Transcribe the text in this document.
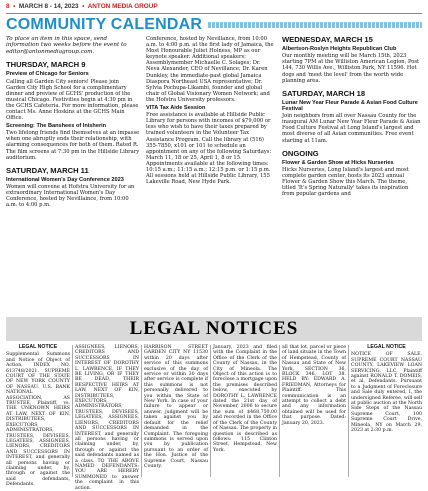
8  •  MARCH 8 - 14, 2023  •  ANTON MEDIA GROUP
COMMUNITY CALENDAR

To place an item in this space, send information two weeks before the event to editor@antonmediagroup.com.

THURSDAY, MARCH 9
Preview of Chicago for Seniors

Calling all Garden City seniors! Please join Garden City High School for a complimentary dinner and preview of GCHS' production of the musical Chicago. Festivities begin at 4:30 pm in the GCHS Cafeteria. For more information, please contact Ms. Anne Hoskins at the GCHS Main Office.

Screening: The Banshees of Inisherin

Two lifelong friends find themselves at an impasse when one abruptly ends their relationship, with alarming consequences for both of them. Rated R. The film screens at 7:30 pm in the Hillside Library auditorium.

SATURDAY, MARCH 11
International Women's Day Conference 2023

Women will convene at Hofstra University for an extraordinary International Women's Day Conference, hosted by Nevillaince, from 10:00 a.m. to 4:00 p.m.

Conference, hosted by Nevillance, from 10:00 a.m. to 4:00 p.m. at the first lady of Jamaica, the Most Honourable Juliet Holness, MP as our keynote speaker. Additional speakers: Assemblymember Michaelle C. Solages; Dr. Neva Alexander, CEO of Nevillance; Dr. Karen Dunkley, the immediate-past global Jamaica Diaspora Northeast USA representative; Dr. Sylvia Pochupa-Likambi, founder and global chair of Global Visionary Women Network; and the Hofstra University professors.

VITA Tax Aide Session

Free assistance is available at Hillside Public Library for persons with incomes of $79,000 or less who wish to have their taxes prepared by trained volunteers in the Volunteer Tax Assistance Program. Call the library at (516) 355-7850, x101 or 101 to schedule an appointment on any of the following Saturdays: March 11, 18 or 25, April 1, 8 or 15. Appointments available at the following times: 10:15 a.m.; 11:15 a.m.; 12:15 p.m. or 1:15 p.m. All sessions held at Hillside Public Library, 155 Lakeville Road, New Hyde Park.

WEDNESDAY, MARCH 15
Albertson-Roslyn Heights Republican Club

Our monthly meeting will be March 15th, 2023 starting 7PM at the Williston American Legion, Post 144, 730 Willis Ave., Williston Park, NY 11596. Hot dogs and 'meet the level' from the worth wide planning area.

SATURDAY, MARCH 18
Lunar New Year Fleur Parade & Asian Food Culture Festival

Join neighbors from all over Nassau County for the inaugural AM Lunar New Year Fleur Parade & Asian Food Culture Festival at Long Island's largest and most diverse of all Asian communities. Free event starting at 11am.

ONGOING
Flower & Garden Show at Hicks Nurseries

Hicks Nurseries, Long Island's largest and most complete garden center, hosts its 2023 annual Flower & Garden Show this March. The theme, titled 'It's Spring Naturally' takes its inspiration from popular gardens and

LEGAL NOTICES
LEGAL NOTICE
Supplemental Summons and Notice of Object of Action. INDEX NO. 613748/2021. SUPREME COURT OF THE STATE OF NEW YORK COUNTY OF NASSAU. U.S. BANK NATIONAL ASSOCIATION, AS TRUSTEE, Plaintiff, vs. THE UNKNOWN HEIRS AT LAW, NEXT OF KIN, DISTRIBUTEES, EXECUTORS, ADMINISTRATORS, TRUSTEES, DEVISEES, LEGATEES, ASSIGNEES, LIENORS, CREDITORS AND SUCCESSORS IN INTEREST, and generally all persons having or claiming under, by, through or against the said defendants, Defendants.
ASSIGNEES, LIENORS, CREDITORS AND SUCCESSORS IN INTEREST OF DOROTHY L. LAWRENCE, IF THEY BE LIVING, OR IF THEY BE DEAD, THEIR RESPECTIVE HEIRS AT LAW, NEXT OF KIN, DISTRIBUTEES, EXECUTORS, ADMINISTRATORS, TRUSTEES, DEVISEES, LEGATEES, ASSIGNEES, LIENORS, CREDITORS AND SUCCESSORS IN INTEREST, and generally all persons having or claiming under, by, through or against the said defendants named as a class. TO THE ABOVE NAMED DEFENDANTS: YOU ARE HEREBY SUMMONED to answer the complaint in this action.
HARRISON STREET GARDEN CITY NY 11530 within 20 days after service of this summons exclusive of the day of service or within 30 days after service is complete if this summons is not personally delivered to you within the State of New York. In case of your failure to appear or answer, judgment will be taken against you by default for the relief demanded in the Complaint. The foregoing summons is served upon you by publication pursuant to an order of the Hon. Justice of the Supreme Court, Nassau County.
January, 2023 and filed with the Complaint in the Office of the Clerk of the County of Nassau, in the City of Mineola. The Object of this action is to foreclose a mortgage upon the premises described below, executed by DOROTHY L. LAWRENCE dated the 21st day of November, 2006 to secure the sum of $468,750.00 and recorded in the Office of the Clerk of the County of Nassau. The property in question is described as follows: 115 Clinton Street, Hempstead, New York.
all that lot, parcel or piece of land situate in the Town of Hempstead, County of Nassau and State of New York, SECTION 36, BLOCK 346, LOT 38. HELD BY: EDWARD A. FRIEDMAN, Attorneys for Plaintiff. This communication is an attempt to collect a debt and any information obtained will be used for that purpose. Dated: January 20, 2023.
LEGAL NOTICE
NOTICE OF SALE. SUPREME COURT NASSAU COUNTY. LAKEVIEW LOAN SERVICING, LLC, Plaintiff against RONALD T. DOMEIS, et al. Defendants. Pursuant to a Judgment of Foreclosure and Sale duly entered, I, the undersigned Referee, will sell at public auction at the North Side Steps of the Nassau Supreme Court, 100 Supreme Court Drive, Mineola, NY on March 29, 2023 at 2:30 p.m.
